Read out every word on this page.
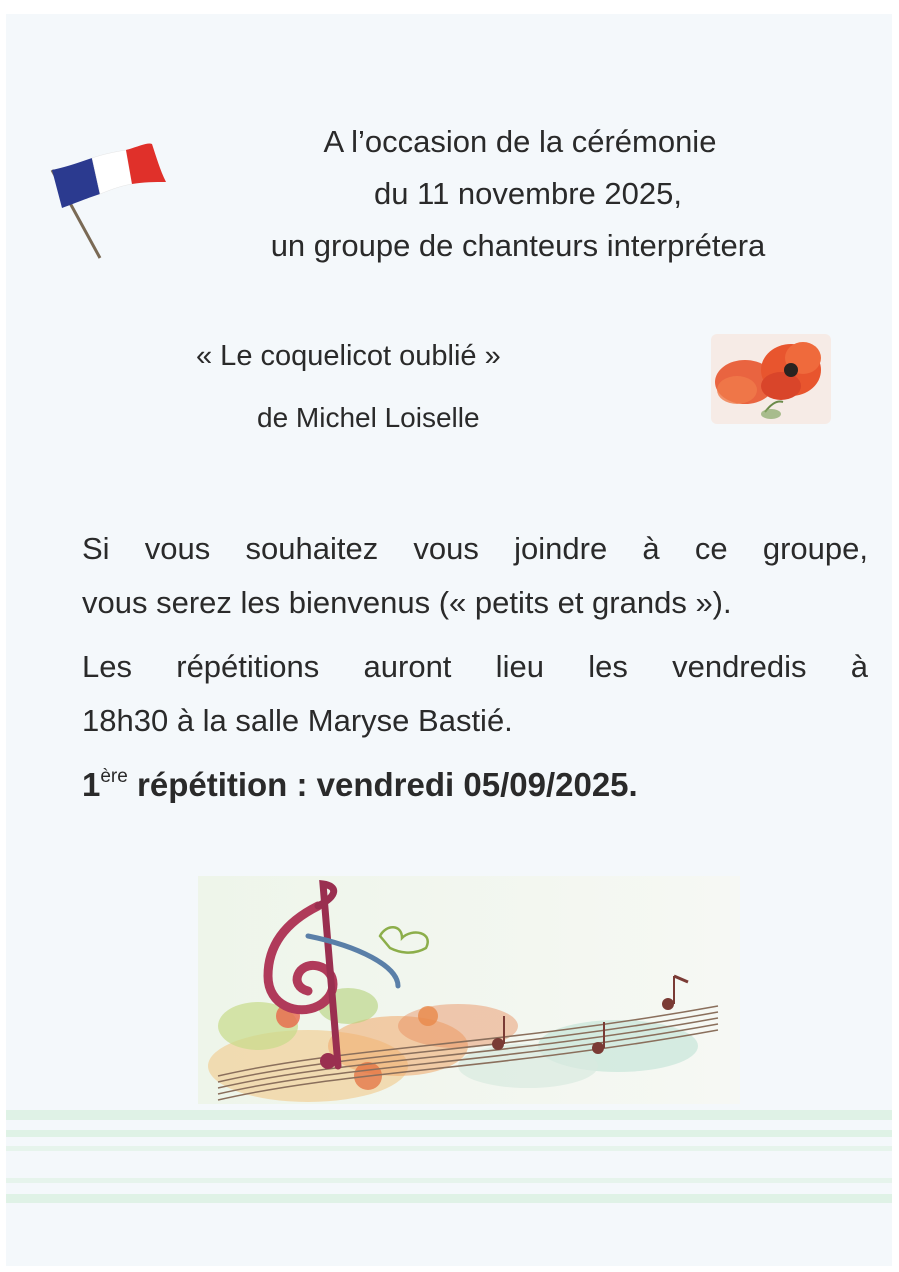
A l’occasion de la cérémonie
du 11 novembre 2025,
un groupe de chanteurs interprétera
« Le coquelicot oublié »
de Michel Loiselle
Si vous souhaitez vous joindre à ce groupe,
vous serez les bienvenus (« petits et grands »).
Les répétitions auront lieu les vendredis à
18h30 à la salle Maryse Bastié.
1ère répétition : vendredi 05/09/2025.
